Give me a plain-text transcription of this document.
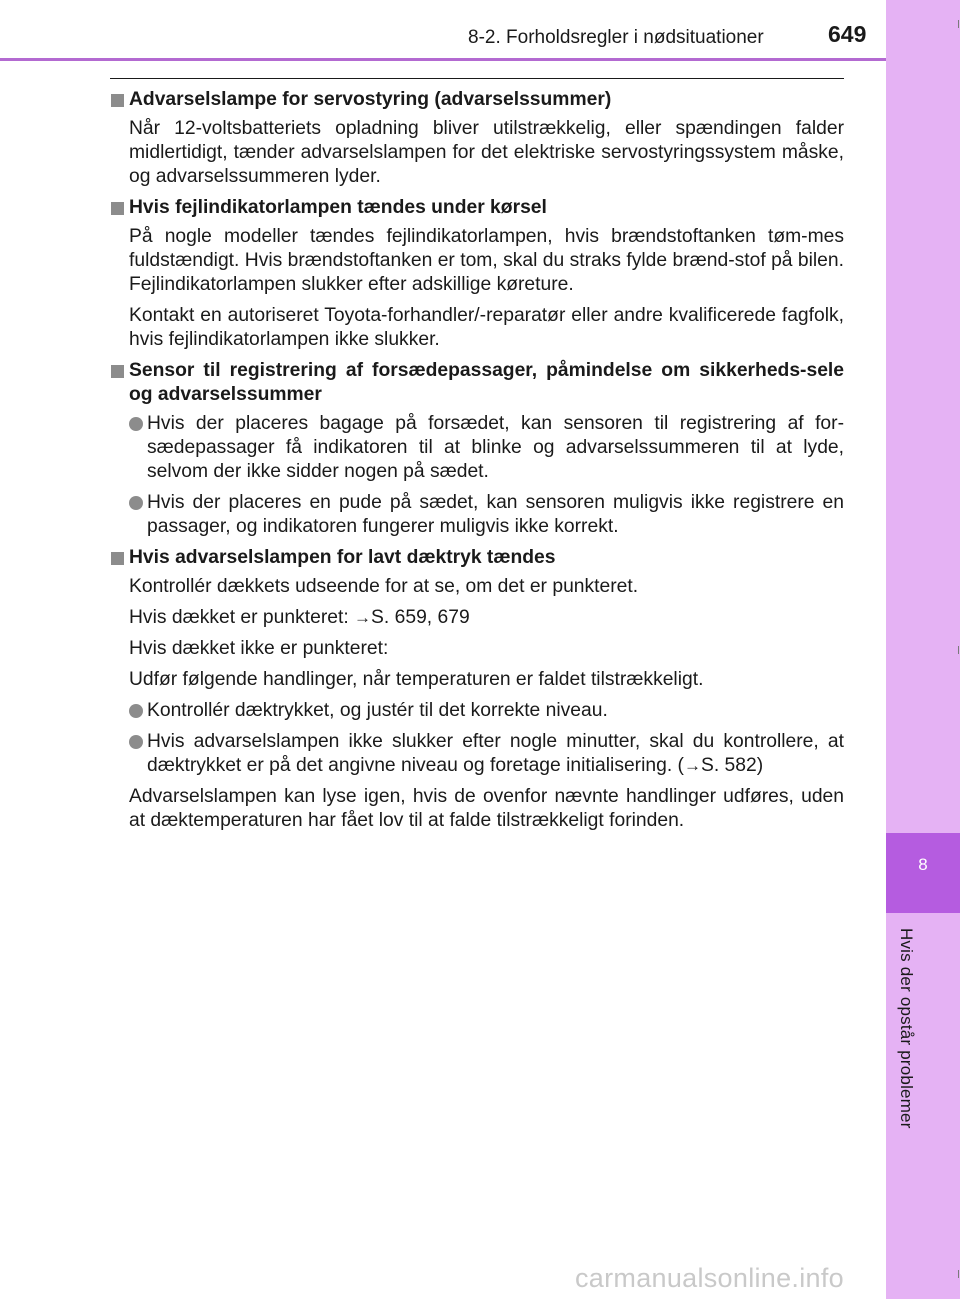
8-2. Forholdsregler i nødsituationer	649
8
Hvis der opstår problemer
Advarselslampe for servostyring (advarselssummer)

Når 12-voltsbatteriets opladning bliver utilstrækkelig, eller spændingen falder midlertidigt, tænder advarselslampen for det elektriske servostyringssystem måske, og advarselssummeren lyder.

Hvis fejlindikatorlampen tændes under kørsel

På nogle modeller tændes fejlindikatorlampen, hvis brændstoftanken tøm-mes fuldstændigt. Hvis brændstoftanken er tom, skal du straks fylde brænd-stof på bilen. Fejlindikatorlampen slukker efter adskillige køreture.

Kontakt en autoriseret Toyota-forhandler/-reparatør eller andre kvalificerede fagfolk, hvis fejlindikatorlampen ikke slukker.

Sensor til registrering af forsædepassager, påmindelse om sikkerheds-sele og advarselssummer

Hvis der placeres bagage på forsædet, kan sensoren til registrering af for-sædepassager få indikatoren til at blinke og advarselssummeren til at lyde, selvom der ikke sidder nogen på sædet.

Hvis der placeres en pude på sædet, kan sensoren muligvis ikke registrere en passager, og indikatoren fungerer muligvis ikke korrekt.

Hvis advarselslampen for lavt dæktryk tændes

Kontrollér dækkets udseende for at se, om det er punkteret.

Hvis dækket er punkteret: →S. 659, 679

Hvis dækket ikke er punkteret:

Udfør følgende handlinger, når temperaturen er faldet tilstrækkeligt.

Kontrollér dæktrykket, og justér til det korrekte niveau.

Hvis advarselslampen ikke slukker efter nogle minutter, skal du kontrollere, at dæktrykket er på det angivne niveau og foretage initialisering. (→S. 582)

Advarselslampen kan lyse igen, hvis de ovenfor nævnte handlinger udføres, uden at dæktemperaturen har fået lov til at falde tilstrækkeligt forinden.

carmanualsonline.info
